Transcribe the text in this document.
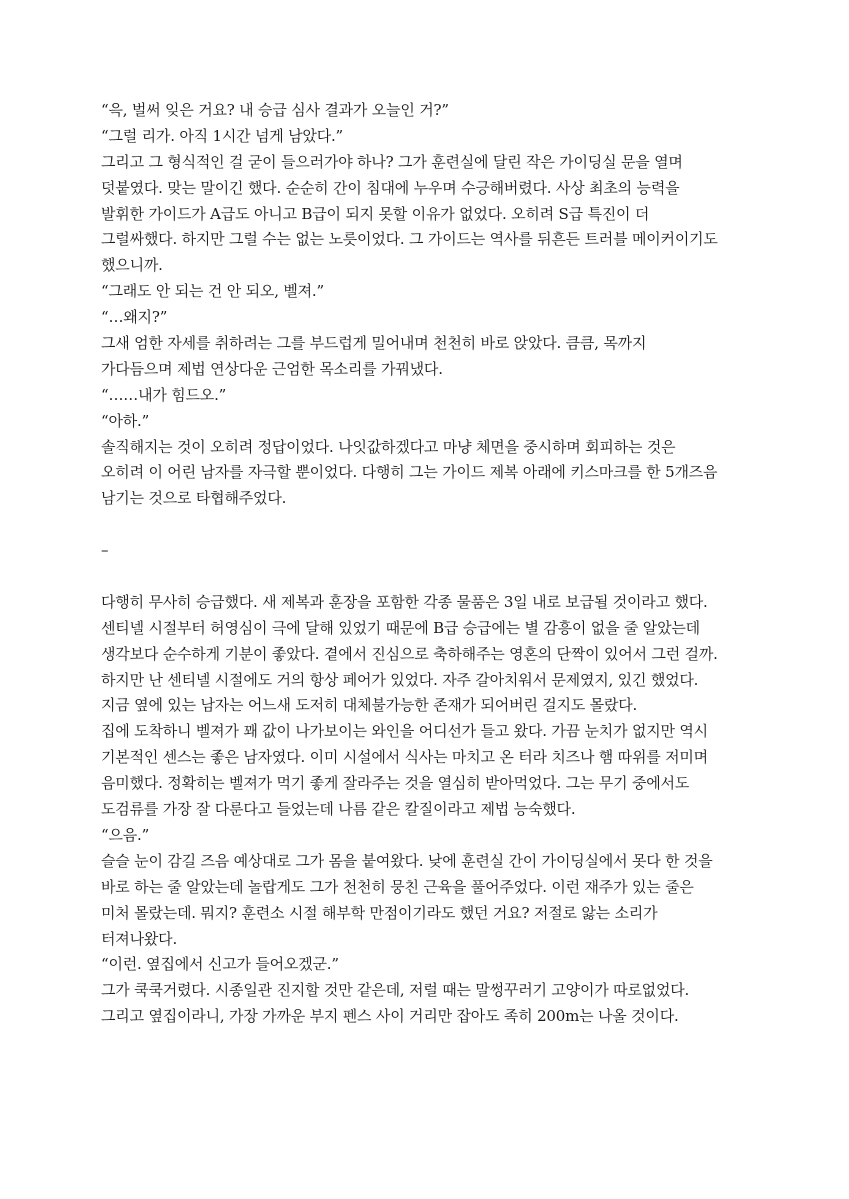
“윽, 벌써 잊은 거요? 내 승급 심사 결과가 오늘인 거?”
“그럴 리가. 아직 1시간 넘게 남았다.”
그리고 그 형식적인 걸 굳이 들으러가야 하나? 그가 훈련실에 달린 작은 가이딩실 문을 열며
덧붙였다. 맞는 말이긴 했다. 순순히 간이 침대에 누우며 수긍해버렸다. 사상 최초의 능력을
발휘한 가이드가 A급도 아니고 B급이 되지 못할 이유가 없었다. 오히려 S급 특진이 더
그럴싸했다. 하지만 그럴 수는 없는 노릇이었다. 그 가이드는 역사를 뒤흔든 트러블 메이커이기도
했으니까.
“그래도 안 되는 건 안 되오, 벨져.”
“…왜지?”
그새 엄한 자세를 취하려는 그를 부드럽게 밀어내며 천천히 바로 앉았다. 큼큼, 목까지
가다듬으며 제법 연상다운 근엄한 목소리를 가꿔냈다.
“……내가 힘드오.”
“아하.”
솔직해지는 것이 오히려 정답이었다. 나잇값하겠다고 마냥 체면을 중시하며 회피하는 것은
오히려 이 어린 남자를 자극할 뿐이었다. 다행히 그는 가이드 제복 아래에 키스마크를 한 5개즈음
남기는 것으로 타협해주었다.
–
다행히 무사히 승급했다. 새 제복과 훈장을 포함한 각종 물품은 3일 내로 보급될 것이라고 했다.
센티넬 시절부터 허영심이 극에 달해 있었기 때문에 B급 승급에는 별 감흥이 없을 줄 알았는데
생각보다 순수하게 기분이 좋았다. 곁에서 진심으로 축하해주는 영혼의 단짝이 있어서 그런 걸까.
하지만 난 센티넬 시절에도 거의 항상 페어가 있었다. 자주 갈아치워서 문제였지, 있긴 했었다.
지금 옆에 있는 남자는 어느새 도저히 대체불가능한 존재가 되어버린 걸지도 몰랐다.
집에 도착하니 벨져가 꽤 값이 나가보이는 와인을 어디선가 들고 왔다. 가끔 눈치가 없지만 역시
기본적인 센스는 좋은 남자였다. 이미 시설에서 식사는 마치고 온 터라 치즈나 햄 따위를 저미며
음미했다. 정확히는 벨져가 먹기 좋게 잘라주는 것을 열심히 받아먹었다. 그는 무기 중에서도
도검류를 가장 잘 다룬다고 들었는데 나름 같은 칼질이라고 제법 능숙했다.
“으음.”
슬슬 눈이 감길 즈음 예상대로 그가 몸을 붙여왔다. 낮에 훈련실 간이 가이딩실에서 못다 한 것을
바로 하는 줄 알았는데 놀랍게도 그가 천천히 뭉친 근육을 풀어주었다. 이런 재주가 있는 줄은
미처 몰랐는데. 뭐지? 훈련소 시절 해부학 만점이기라도 했던 거요? 저절로 앓는 소리가
터져나왔다.
“이런. 옆집에서 신고가 들어오겠군.”
그가 쿡쿡거렸다. 시종일관 진지할 것만 같은데, 저럴 때는 말썽꾸러기 고양이가 따로없었다.
그리고 옆집이라니, 가장 가까운 부지 펜스 사이 거리만 잡아도 족히 200m는 나올 것이다.
